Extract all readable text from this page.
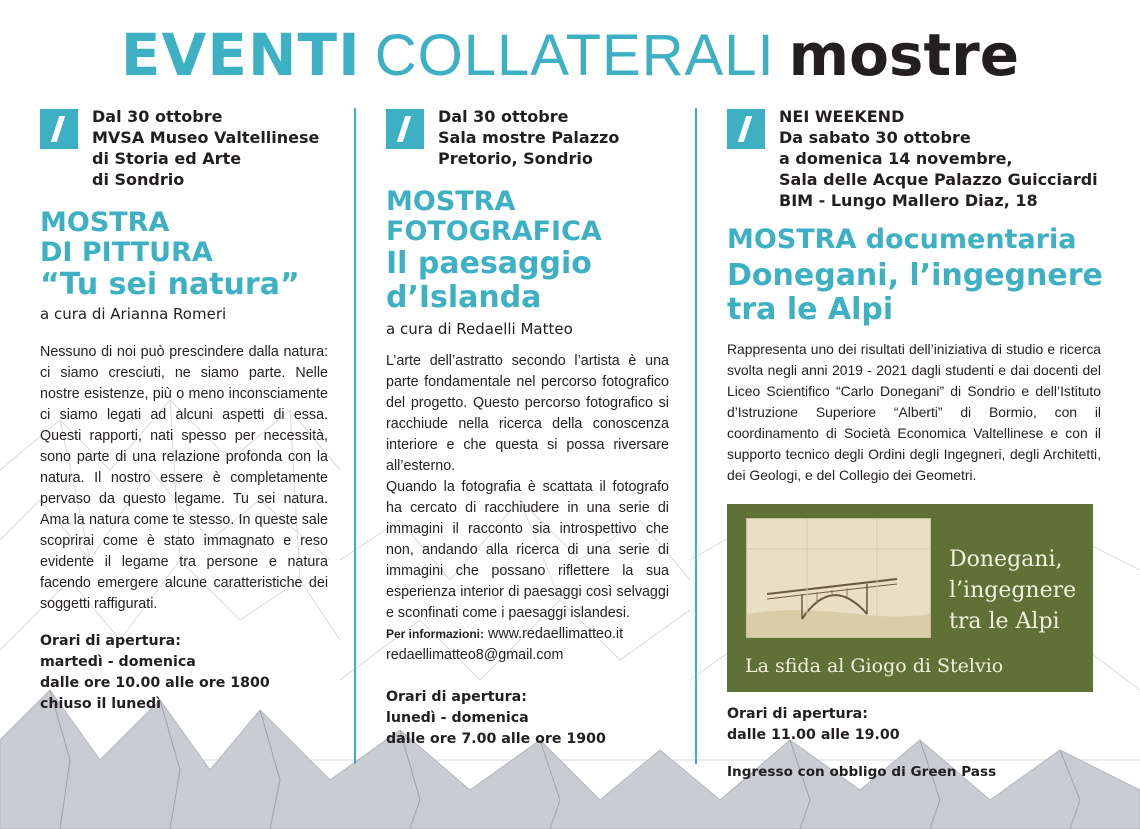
EVENTI COLLATERALI mostre
Dal 30 ottobre
MVSA Museo Valtellinese
di Storia ed Arte
di Sondrio
MOSTRA
DI PITTURA
“Tu sei natura”
a cura di Arianna Romeri
Nessuno di noi può prescindere dalla natura: ci siamo cresciuti, ne siamo parte. Nelle nostre esistenze, più o meno inconsciamente ci siamo legati ad alcuni aspetti di essa. Questi rapporti, nati spesso per necessità, sono parte di una relazione profonda con la natura. Il nostro essere è completamente pervaso da questo legame. Tu sei natura. Ama la natura come te stesso. In queste sale scoprirai come è stato immagnato e reso evidente il legame tra persone e natura facendo emergere alcune caratteristiche dei soggetti raffigurati.
Orari di apertura:
martedì - domenica
dalle ore 10.00 alle ore 1800
chiuso il lunedì
Dal 30 ottobre
Sala mostre Palazzo
Pretorio, Sondrio
MOSTRA
FOTOGRAFICA
Il paesaggio
d’Islanda
a cura di Redaelli Matteo
L’arte dell’astratto secondo l’artista è una parte fondamentale nel percorso fotografico del progetto. Questo percorso fotografico si racchiude nella ricerca della conoscenza interiore e che questa si possa riversare all’esterno.
Quando la fotografia è scattata il fotografo ha cercato di racchiudere in una serie di immagini il racconto sia introspettivo che non, andando alla ricerca di una serie di immagini che possano riflettere la sua esperienza interior di paesaggi così selvaggi e sconfinati come i paesaggi islandesi.
Per informazioni: www.redaellimatteo.it
redaellimatteo8@gmail.com
Orari di apertura:
lunedì - domenica
dalle ore 7.00 alle ore 1900
NEI WEEKEND
Da sabato 30 ottobre
a domenica 14 novembre,
Sala delle Acque Palazzo Guicciardi
BIM - Lungo Mallero Diaz, 18
MOSTRA documentaria
Donegani, l’ingegnere
tra le Alpi
Rappresenta uno dei risultati dell’iniziativa di studio e ricerca svolta negli anni 2019 - 2021 dagli studenti e dai docenti del Liceo Scientifico “Carlo Donegani” di Sondrio e dell’Istituto d’Istruzione Superiore “Alberti” di Bormio, con il coordinamento di Società Economica Valtellinese e con il supporto tecnico degli Ordini degli Ingegneri, degli Architetti, dei Geologi, e del Collegio dei Geometri.
Donegani,
l’ingegnere
tra le Alpi
La sfida al Giogo di Stelvio
Orari di apertura:
dalle 11.00 alle 19.00
Ingresso con obbligo di Green Pass
